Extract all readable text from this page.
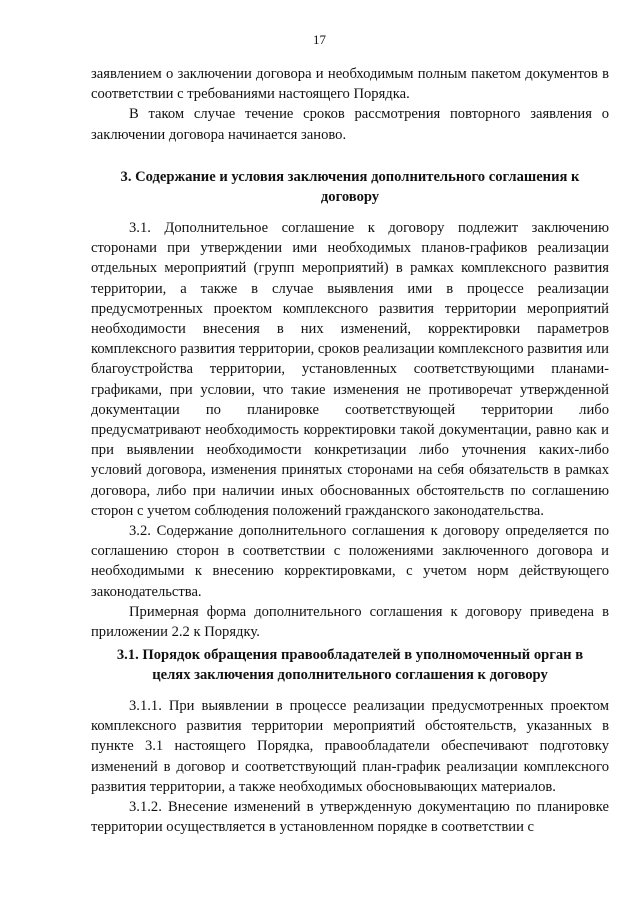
17

заявлением о заключении договора и необходимым полным пакетом документов в соответствии с требованиями настоящего Порядка.

В таком случае течение сроков рассмотрения повторного заявления о заключении договора начинается заново.

3. Содержание и условия заключения дополнительного соглашения к договору

3.1. Дополнительное соглашение к договору подлежит заключению сторонами при утверждении ими необходимых планов-графиков реализации отдельных мероприятий (групп мероприятий) в рамках комплексного развития территории, а также в случае выявления ими в процессе реализации предусмотренных проектом комплексного развития территории мероприятий необходимости внесения в них изменений, корректировки параметров комплексного развития территории, сроков реализации комплексного развития или благоустройства территории, установленных соответствующими планами-графиками, при условии, что такие изменения не противоречат утвержденной документации по планировке соответствующей территории либо предусматривают необходимость корректировки такой документации, равно как и при выявлении необходимости конкретизации либо уточнения каких-либо условий договора, изменения принятых сторонами на себя обязательств в рамках договора, либо при наличии иных обоснованных обстоятельств по соглашению сторон с учетом соблюдения положений гражданского законодательства.

3.2. Содержание дополнительного соглашения к договору определяется по соглашению сторон в соответствии с положениями заключенного договора и необходимыми к внесению корректировками, с учетом норм действующего законодательства.

Примерная форма дополнительного соглашения к договору приведена в приложении 2.2 к Порядку.

3.1. Порядок обращения правообладателей в уполномоченный орган в целях заключения дополнительного соглашения к договору

3.1.1. При выявлении в процессе реализации предусмотренных проектом комплексного развития территории мероприятий обстоятельств, указанных в пункте 3.1 настоящего Порядка, правообладатели обеспечивают подготовку изменений в договор и соответствующий план-график реализации комплексного развития территории, а также необходимых обосновывающих материалов.

3.1.2. Внесение изменений в утвержденную документацию по планировке территории осуществляется в установленном порядке в соответствии с
